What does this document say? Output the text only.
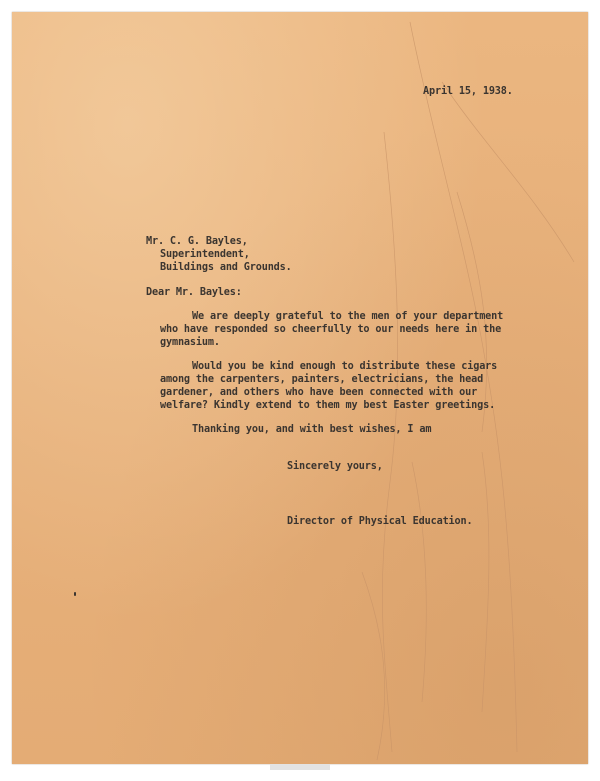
April 15, 1938.
Mr. C. G. Bayles,
Superintendent,
Buildings and Grounds.
Dear Mr. Bayles:
We are deeply grateful to the men of your department
who have responded so cheerfully to our needs here in the
gymnasium.
Would you be kind enough to distribute these cigars
among the carpenters, painters, electricians, the head
gardener, and others who have been connected with our
welfare? Kindly extend to them my best Easter greetings.
Thanking you, and with best wishes, I am
Sincerely yours,
Director of Physical Education.
